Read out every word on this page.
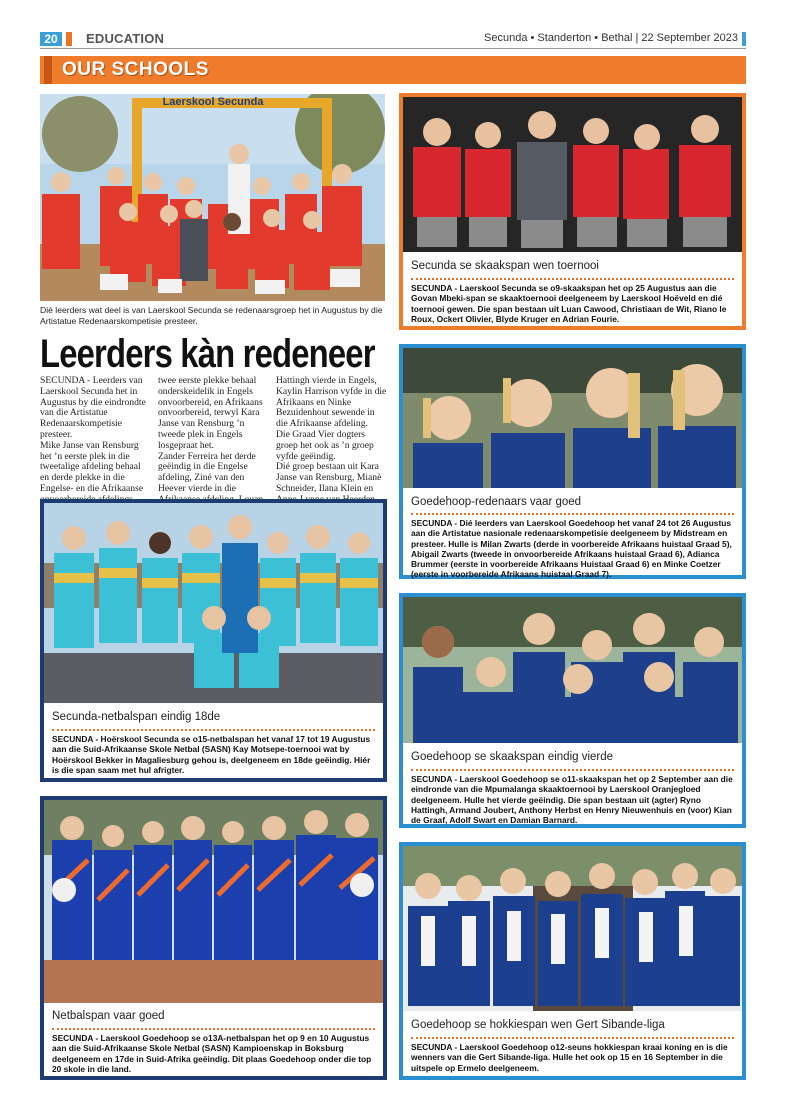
20	EDUCATION	Secunda • Standerton • Bethal | 22 September 2023
OUR SCHOOLS
Laerskool Secunda
Dié leerders wat deel is van Laerskool Secunda se redenaarsgroep het in Augustus by die Artistatue Redenaarskompetisie presteer.
Leerders kàn redeneer
SECUNDA - Leerders van Laerskool Secunda het in Augustus by die eindrondte van die Artistatue Redenaarskompetisie presteer.
Mike Janse van Rensburg het ’n eerste plek in die tweetalige afdeling behaal en derde plekke in die Engelse- en die Afrikaanse

twee eerste plekke behaal onderskeidelik in Engels onvoorbereid, en Afrikaans onvoorbereid, terwyl Kara Janse van Rensburg ’n tweede plek in Engels losgepraat het.
Zander Ferreira het derde geëindig in die Engelse afdeling, Ziné van den Heever vierde in die
Hattingh vierde in Engels, Kaylin Harrison vyfde in die Afrikaans en Ninke Bezuidenhout sewende in die Afrikaanse afdeling.
Die Graad Vier dogters groep het ook as ’n groep vyfde geëindig.
Dié groep bestaan uit Kara Janse van Rensburg, Mianè Schneider, Ilana Klein en
Secunda se skaakspan wen toernooi
SECUNDA - Laerskool Secunda se o9-skaakspan het op 25 Augustus aan die Govan Mbeki-span se skaaktoernooi deelgeneem by Laerskool Hoëveld en dié toernooi gewen. Die span bestaan uit Luan Cawood, Christiaan de Wit, Riano le Roux, Ockert Olivier, Blyde Kruger en Adrian Fourie.
Goedehoop-redenaars vaar goed
SECUNDA - Dié leerders van Laerskool Goedehoop het vanaf 24 tot 26 Augustus aan die Artistatue nasionale redenaarskompetisie deelgeneem by Midstream en presteer. Hulle is Milan Zwarts (derde in voorbereide Afrikaans huistaal Graad 5), Abigail Zwarts (tweede in onvoorbereide Afrikaans huistaal Graad 6), Adianca Brummer (eerste in voorbereide Afrikaans Huistaal Graad 6) en Minke Coetzer (eerste in voorbereide Afrikaans huistaal Graad 7).
Secunda-netbalspan eindig 18de
SECUNDA - Hoërskool Secunda se o15-netbalspan het vanaf 17 tot 19 Augustus aan die Suid-Afrikaanse Skole Netbal (SASN) Kay Motsepe-toernooi wat by Hoërskool Bekker in Magaliesburg gehou is, deelgeneem en 18de geëindig. Hiér is die span saam met hul afrigter.
Goedehoop se skaakspan eindig vierde
SECUNDA - Laerskool Goedehoop se o11-skaakspan het op 2 September aan die eindronde van die Mpumalanga skaaktoernooi by Laerskool Oranjegloed deelgeneem. Hulle het vierde geëindig. Die span bestaan uit (agter) Ryno Hattingh, Armand Joubert, Anthony Herbst en Henry Nieuwenhuis en (voor) Kian de Graaf, Adolf Swart en Damian Barnard.
Netbalspan vaar goed
SECUNDA - Laerskool Goedehoop se o13A-netbalspan het op 9 en 10 Augustus aan die Suid-Afrikaanse Skole Netbal (SASN) Kampioenskap in Boksburg deelgeneem en 17de in Suid-Afrika geëindig. Dit plaas Goedehoop onder die top 20 skole in die land.
Goedehoop se hokkiespan wen Gert Sibande-liga
SECUNDA - Laerskool Goedehoop o12-seuns hokkiespan kraai koning en is die wenners van die Gert Sibande-liga. Hulle het ook op 15 en 16 September in die uitspele op Ermelo deelgeneem.
